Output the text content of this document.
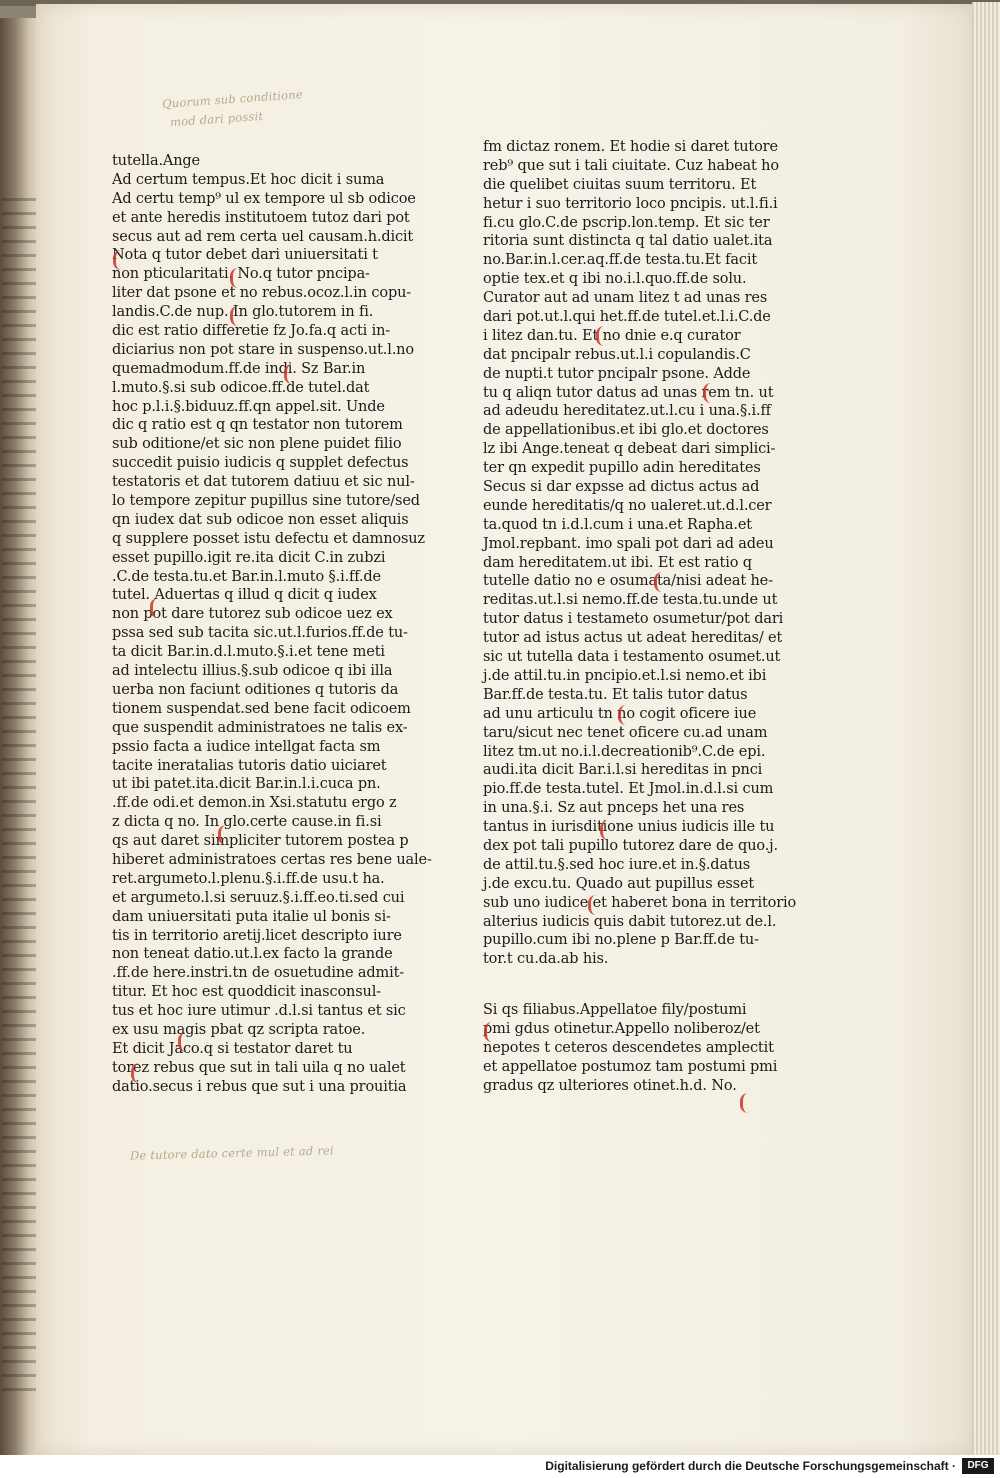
Quorum sub conditione
mod dari possit
tutella.Ange
Ad certum tempus.Et hoc dicit i suma
Ad certu temp⁹ ul ex tempore ul sb odicoe
et ante heredis institutoem tutoz dari pot
secus aut ad rem certa uel causam.h.dicit
Nota q tutor debet dari uniuersitati t
non pticularitati. No.q tutor pncipa-
liter dat psone et no rebus.ocoz.l.in copu-
landis.C.de nup. In glo.tutorem in fi.
dic est ratio differetie fz Jo.fa.q acti in-
diciarius non pot stare in suspenso.ut.l.no
quemadmodum.ff.de indi. Sz Bar.in
l.muto.§.si sub odicoe.ff.de tutel.dat
hoc p.l.i.§.biduuz.ff.qn appel.sit. Unde
dic q ratio est q qn testator non tutorem
sub oditione/et sic non plene puidet filio
succedit puisio iudicis q supplet defectus
testatoris et dat tutorem datiuu et sic nul-
lo tempore zepitur pupillus sine tutore/sed
qn iudex dat sub odicoe non esset aliquis
q supplere posset istu defectu et damnosuz
esset pupillo.igit re.ita dicit C.in zubzi
.C.de testa.tu.et Bar.in.l.muto §.i.ff.de
tutel. Aduertas q illud q dicit q iudex
non pot dare tutorez sub odicoe uez ex
pssa sed sub tacita sic.ut.l.furios.ff.de tu-
ta dicit Bar.in.d.l.muto.§.i.et tene meti
ad intelectu illius.§.sub odicoe q ibi illa
uerba non faciunt oditiones q tutoris da
tionem suspendat.sed bene facit odicoem
que suspendit administratoes ne talis ex-
pssio facta a iudice intellgat facta sm
tacite ineratalias tutoris datio uiciaret
ut ibi patet.ita.dicit Bar.in.l.i.cuca pn.
.ff.de odi.et demon.in Xsi.statutu ergo z
z dicta q no. In glo.certe cause.in fi.si
qs aut daret simpliciter tutorem postea p
hiberet administratoes certas res bene uale-
ret.argumeto.l.plenu.§.i.ff.de usu.t ha.
et argumeto.l.si seruuz.§.i.ff.eo.ti.sed cui
dam uniuersitati puta italie ul bonis si-
tis in territorio aretij.licet descripto iure
non teneat datio.ut.l.ex facto la grande
.ff.de here.instri.tn de osuetudine admit-
titur. Et hoc est quoddicit inasconsul-
tus et hoc iure utimur .d.l.si tantus et sic
ex usu magis pbat qz scripta ratoe.
Et dicit Jaco.q si testator daret tu
torez rebus que sut in tali uila q no ualet
datio.secus i rebus que sut i una prouitia
fm dictaz ronem. Et hodie si daret tutore
reb⁹ que sut i tali ciuitate. Cuz habeat ho
die quelibet ciuitas suum territoru. Et
hetur i suo territorio loco pncipis. ut.l.fi.i
fi.cu glo.C.de pscrip.lon.temp. Et sic ter
ritoria sunt distincta q tal datio ualet.ita
no.Bar.in.l.cer.aq.ff.de testa.tu.Et facit
optie tex.et q ibi no.i.l.quo.ff.de solu.
Curator aut ad unam litez t ad unas res
dari pot.ut.l.qui het.ff.de tutel.et.l.i.C.de
i litez dan.tu. Et no dnie e.q curator
dat pncipalr rebus.ut.l.i copulandis.C
de nupti.t tutor pncipalr psone. Adde
tu q aliqn tutor datus ad unas rem tn. ut
ad adeudu hereditatez.ut.l.cu i una.§.i.ff
de appellationibus.et ibi glo.et doctores
lz ibi Ange.teneat q debeat dari simplici-
ter qn expedit pupillo adin hereditates
Secus si dar expsse ad dictus actus ad
eunde hereditatis/q no ualeret.ut.d.l.cer
ta.quod tn i.d.l.cum i una.et Rapha.et
Jmol.repbant. imo spali pot dari ad adeu
dam hereditatem.ut ibi. Et est ratio q
tutelle datio no e osumata/nisi adeat he-
reditas.ut.l.si nemo.ff.de testa.tu.unde ut
tutor datus i testameto osumetur/pot dari
tutor ad istus actus ut adeat hereditas/ et
sic ut tutella data i testamento osumet.ut
j.de attil.tu.in pncipio.et.l.si nemo.et ibi
Bar.ff.de testa.tu. Et talis tutor datus
ad unu articulu tn no cogit oficere iue
taru/sicut nec tenet oficere cu.ad unam
litez tm.ut no.i.l.decreationib⁹.C.de epi.
audi.ita dicit Bar.i.l.si hereditas in pnci
pio.ff.de testa.tutel. Et Jmol.in.d.l.si cum
in una.§.i. Sz aut pnceps het una res
tantus in iurisditione unius iudicis ille tu
dex pot tali pupillo tutorez dare de quo.j.
de attil.tu.§.sed hoc iure.et in.§.datus
j.de excu.tu. Quado aut pupillus esset
sub uno iudice et haberet bona in territorio
alterius iudicis quis dabit tutorez.ut de.l.
pupillo.cum ibi no.plene p Bar.ff.de tu-
tor.t cu.da.ab his.
Si qs filiabus.Appellatoe fily/postumi
pmi gdus otinetur.Appello noliberoz/et
nepotes t ceteros descendetes amplectit
et appellatoe postumoz tam postumi pmi
gradus qz ulteriores otinet.h.d. No.
De tutore dato certe mul et ad rei
Digitalisierung gefördert durch die Deutsche Forschungsgemeinschaft ·	DFG
